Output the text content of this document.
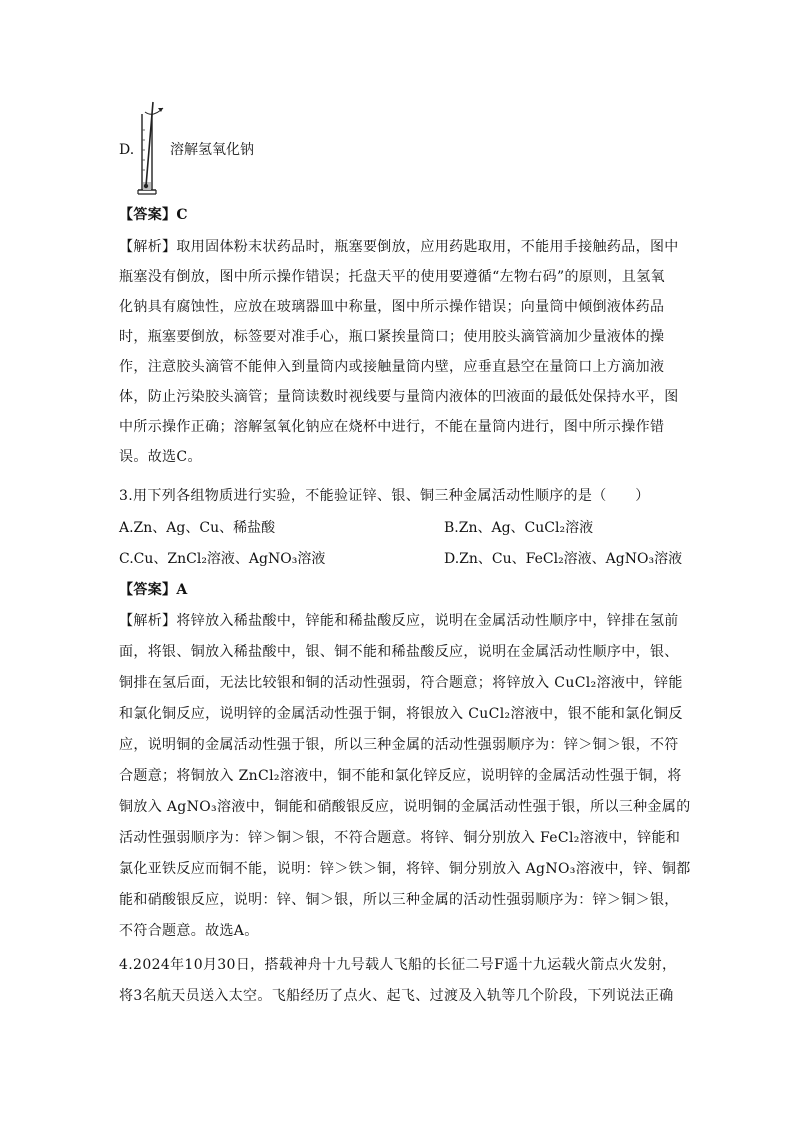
D.	溶解氢氧化钠
【答案】C
【解析】取用固体粉末状药品时，瓶塞要倒放，应用药匙取用，不能用手接触药品，图中
瓶塞没有倒放，图中所示操作错误；托盘天平的使用要遵循“左物右码”的原则，且氢氧
化钠具有腐蚀性，应放在玻璃器皿中称量，图中所示操作错误；向量筒中倾倒液体药品
时，瓶塞要倒放，标签要对准手心，瓶口紧挨量筒口；使用胶头滴管滴加少量液体的操
作，注意胶头滴管不能伸入到量筒内或接触量筒内壁，应垂直悬空在量筒口上方滴加液
体，防止污染胶头滴管；量筒读数时视线要与量筒内液体的凹液面的最低处保持水平，图
中所示操作正确；溶解氢氧化钠应在烧杯中进行，不能在量筒内进行，图中所示操作错
误。故选C。
3.用下列各组物质进行实验，不能验证锌、银、铜三种金属活动性顺序的是（　　）
A.Zn、Ag、Cu、稀盐酸	B.Zn、Ag、CuCl₂溶液
C.Cu、ZnCl₂溶液、AgNO₃溶液	D.Zn、Cu、FeCl₂溶液、AgNO₃溶液
【答案】A
【解析】将锌放入稀盐酸中，锌能和稀盐酸反应，说明在金属活动性顺序中，锌排在氢前
面，将银、铜放入稀盐酸中，银、铜不能和稀盐酸反应，说明在金属活动性顺序中，银、
铜排在氢后面，无法比较银和铜的活动性强弱，符合题意；将锌放入 CuCl₂溶液中，锌能
和氯化铜反应，说明锌的金属活动性强于铜，将银放入 CuCl₂溶液中，银不能和氯化铜反
应，说明铜的金属活动性强于银，所以三种金属的活动性强弱顺序为：锌＞铜＞银，不符
合题意；将铜放入 ZnCl₂溶液中，铜不能和氯化锌反应，说明锌的金属活动性强于铜，将
铜放入 AgNO₃溶液中，铜能和硝酸银反应，说明铜的金属活动性强于银，所以三种金属的
活动性强弱顺序为：锌＞铜＞银，不符合题意。将锌、铜分别放入 FeCl₂溶液中，锌能和
氯化亚铁反应而铜不能，说明：锌＞铁＞铜，将锌、铜分别放入 AgNO₃溶液中，锌、铜都
能和硝酸银反应，说明：锌、铜＞银，所以三种金属的活动性强弱顺序为：锌＞铜＞银，
不符合题意。故选A。
4.2024年10月30日，搭载神舟十九号载人飞船的长征二号F遥十九运载火箭点火发射，
将3名航天员送入太空。飞船经历了点火、起飞、过渡及入轨等几个阶段，下列说法正确
